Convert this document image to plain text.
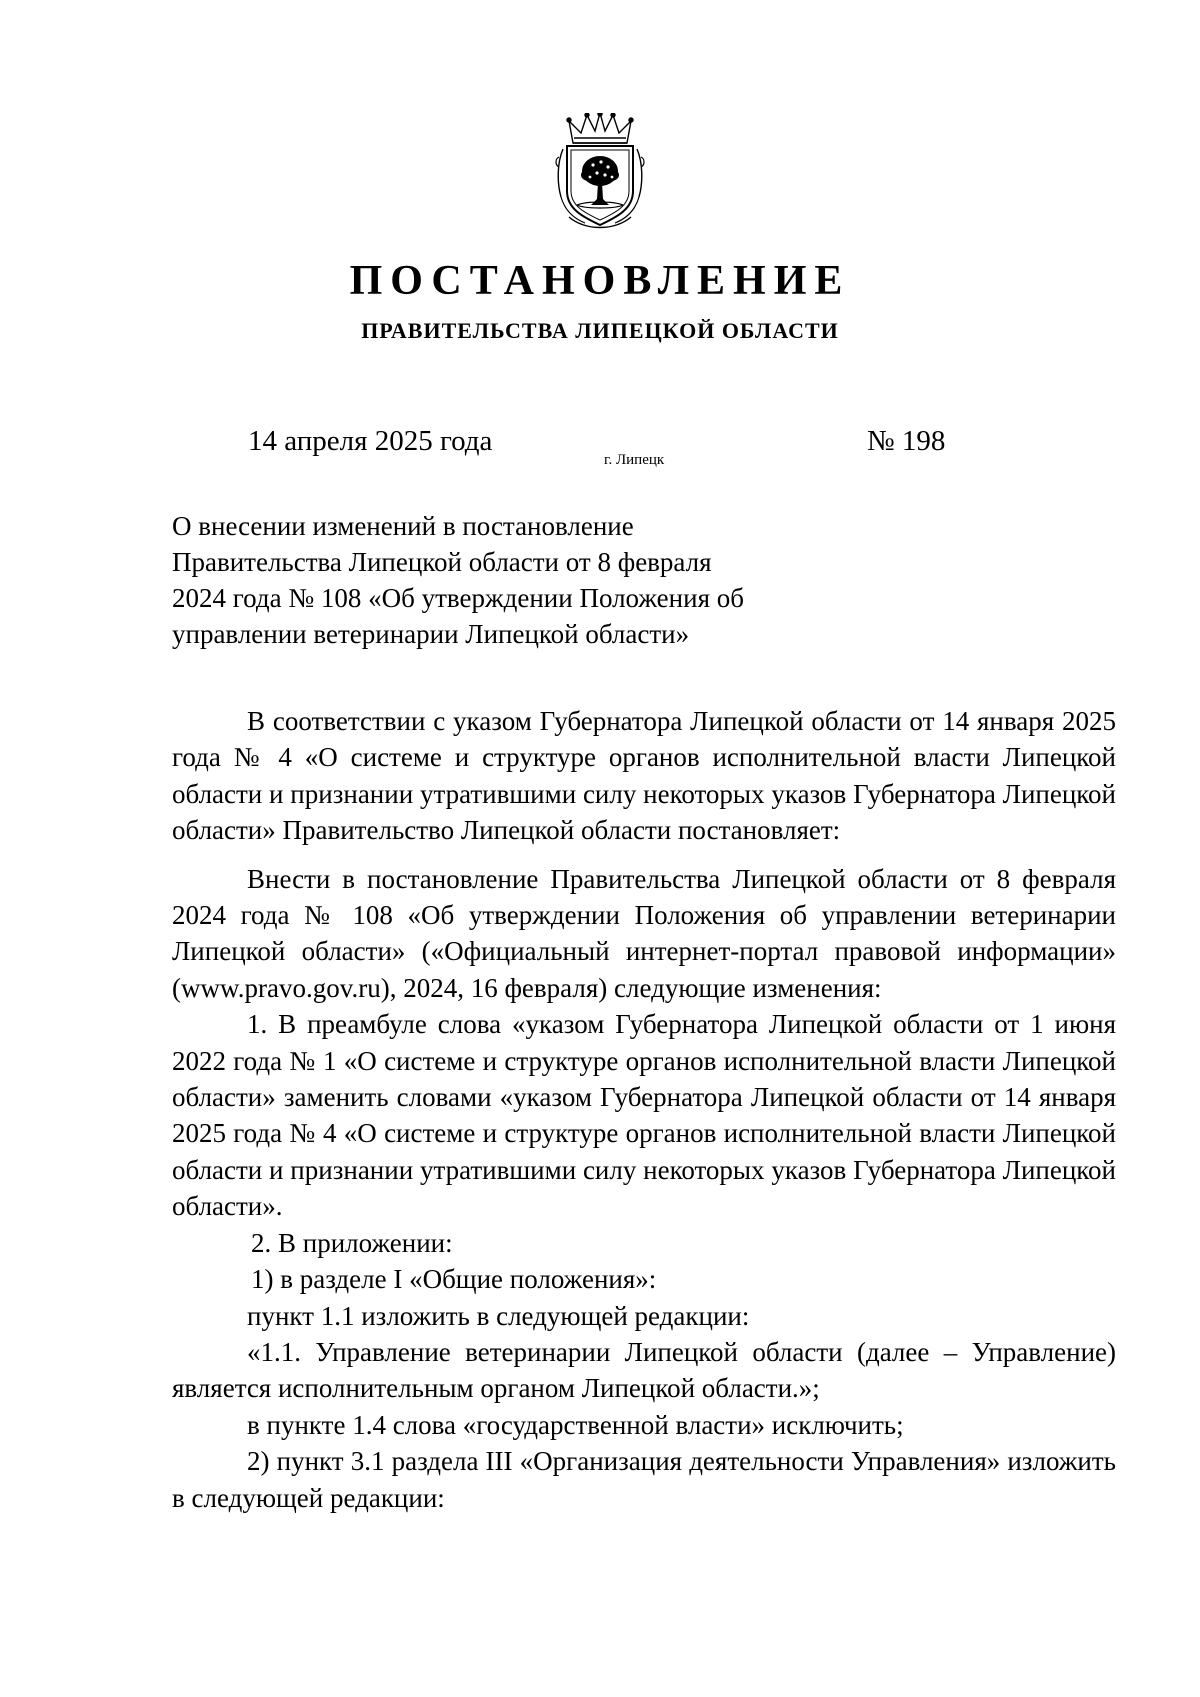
ПОСТАНОВЛЕНИЕ
ПРАВИТЕЛЬСТВА ЛИПЕЦКОЙ ОБЛАСТИ
14 апреля 2025 года
г. Липецк
№ 198
О внесении изменений в постановление
Правительства Липецкой области от 8 февраля
2024 года № 108 «Об утверждении Положения об
управлении ветеринарии Липецкой области»

В соответствии с указом Губернатора Липецкой области от 14 января 2025 года № 4 «О системе и структуре органов исполнительной власти Липецкой области и признании утратившими силу некоторых указов Губернатора Липецкой области» Правительство Липецкой области постановляет:

Внести в постановление Правительства Липецкой области от 8 февраля 2024 года № 108 «Об утверждении Положения об управлении ветеринарии Липецкой области» («Официальный интернет-портал правовой информации» (www.pravo.gov.ru), 2024, 16 февраля) следующие изменения:

1. В преамбуле слова «указом Губернатора Липецкой области от 1 июня 2022 года № 1 «О системе и структуре органов исполнительной власти Липецкой области» заменить словами «указом Губернатора Липецкой области от 14 января 2025 года № 4 «О системе и структуре органов исполнительной власти Липецкой области и признании утратившими силу некоторых указов Губернатора Липецкой области».

2. В приложении:

1) в разделе I «Общие положения»:

пункт 1.1 изложить в следующей редакции:

«1.1. Управление ветеринарии Липецкой области (далее – Управление) является исполнительным органом Липецкой области.»;

в пункте 1.4 слова «государственной власти» исключить;

2) пункт 3.1 раздела III «Организация деятельности Управления» изложить в следующей редакции:
